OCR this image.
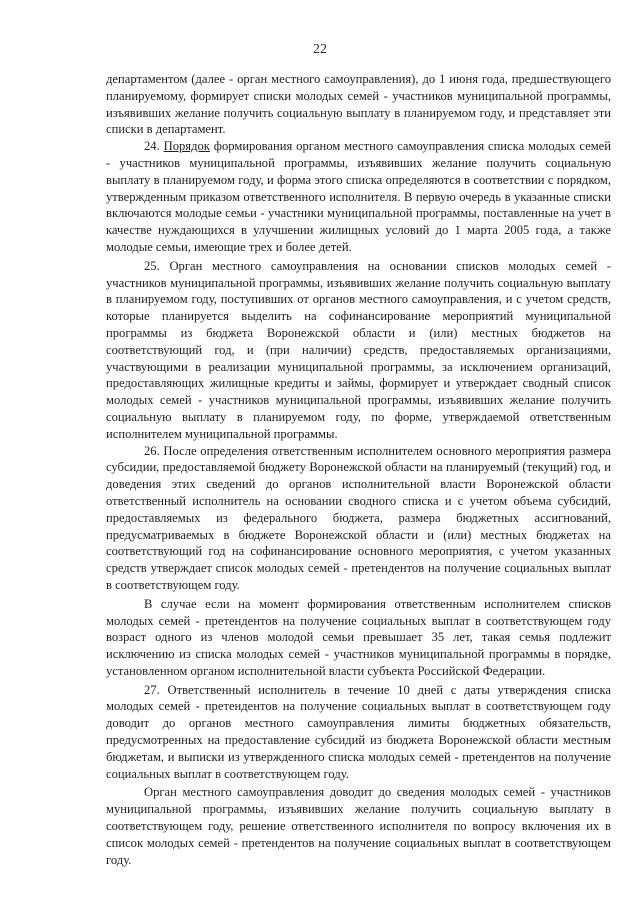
22

департаментом (далее - орган местного самоуправления), до 1 июня года, предшествующего планируемому, формирует списки молодых семей - участников муниципальной программы, изъявивших желание получить социальную выплату в планируемом году, и представляет эти списки в департамент.

24. Порядок формирования органом местного самоуправления списка молодых семей - участников муниципальной программы, изъявивших желание получить социальную выплату в планируемом году, и форма этого списка определяются в соответствии с порядком, утвержденным приказом ответственного исполнителя. В первую очередь в указанные списки включаются молодые семьи - участники муниципальной программы, поставленные на учет в качестве нуждающихся в улучшении жилищных условий до 1 марта 2005 года, а также молодые семьи, имеющие трех и более детей.

25. Орган местного самоуправления на основании списков молодых семей - участников муниципальной программы, изъявивших желание получить социальную выплату в планируемом году, поступивших от органов местного самоуправления, и с учетом средств, которые планируется выделить на софинансирование мероприятий муниципальной программы из бюджета Воронежской области и (или) местных бюджетов на соответствующий год, и (при наличии) средств, предоставляемых организациями, участвующими в реализации муниципальной программы, за исключением организаций, предоставляющих жилищные кредиты и займы, формирует и утверждает сводный список молодых семей - участников муниципальной программы, изъявивших желание получить социальную выплату в планируемом году, по форме, утверждаемой ответственным исполнителем муниципальной программы.

26. После определения ответственным исполнителем основного мероприятия размера субсидии, предоставляемой бюджету Воронежской области на планируемый (текущий) год, и доведения этих сведений до органов исполнительной власти Воронежской области ответственный исполнитель на основании сводного списка и с учетом объема субсидий, предоставляемых из федерального бюджета, размера бюджетных ассигнований, предусматриваемых в бюджете Воронежской области и (или) местных бюджетах на соответствующий год на софинансирование основного мероприятия, с учетом указанных средств утверждает список молодых семей - претендентов на получение социальных выплат в соответствующем году.

В случае если на момент формирования ответственным исполнителем списков молодых семей - претендентов на получение социальных выплат в соответствующем году возраст одного из членов молодой семьи превышает 35 лет, такая семья подлежит исключению из списка молодых семей - участников муниципальной программы в порядке, установленном органом исполнительной власти субъекта Российской Федерации.

27. Ответственный исполнитель в течение 10 дней с даты утверждения списка молодых семей - претендентов на получение социальных выплат в соответствующем году доводит до органов местного самоуправления лимиты бюджетных обязательств, предусмотренных на предоставление субсидий из бюджета Воронежской области местным бюджетам, и выписки из утвержденного списка молодых семей - претендентов на получение социальных выплат в соответствующем году.

Орган местного самоуправления доводит до сведения молодых семей - участников муниципальной программы, изъявивших желание получить социальную выплату в соответствующем году, решение ответственного исполнителя по вопросу включения их в список молодых семей - претендентов на получение социальных выплат в соответствующем году.
